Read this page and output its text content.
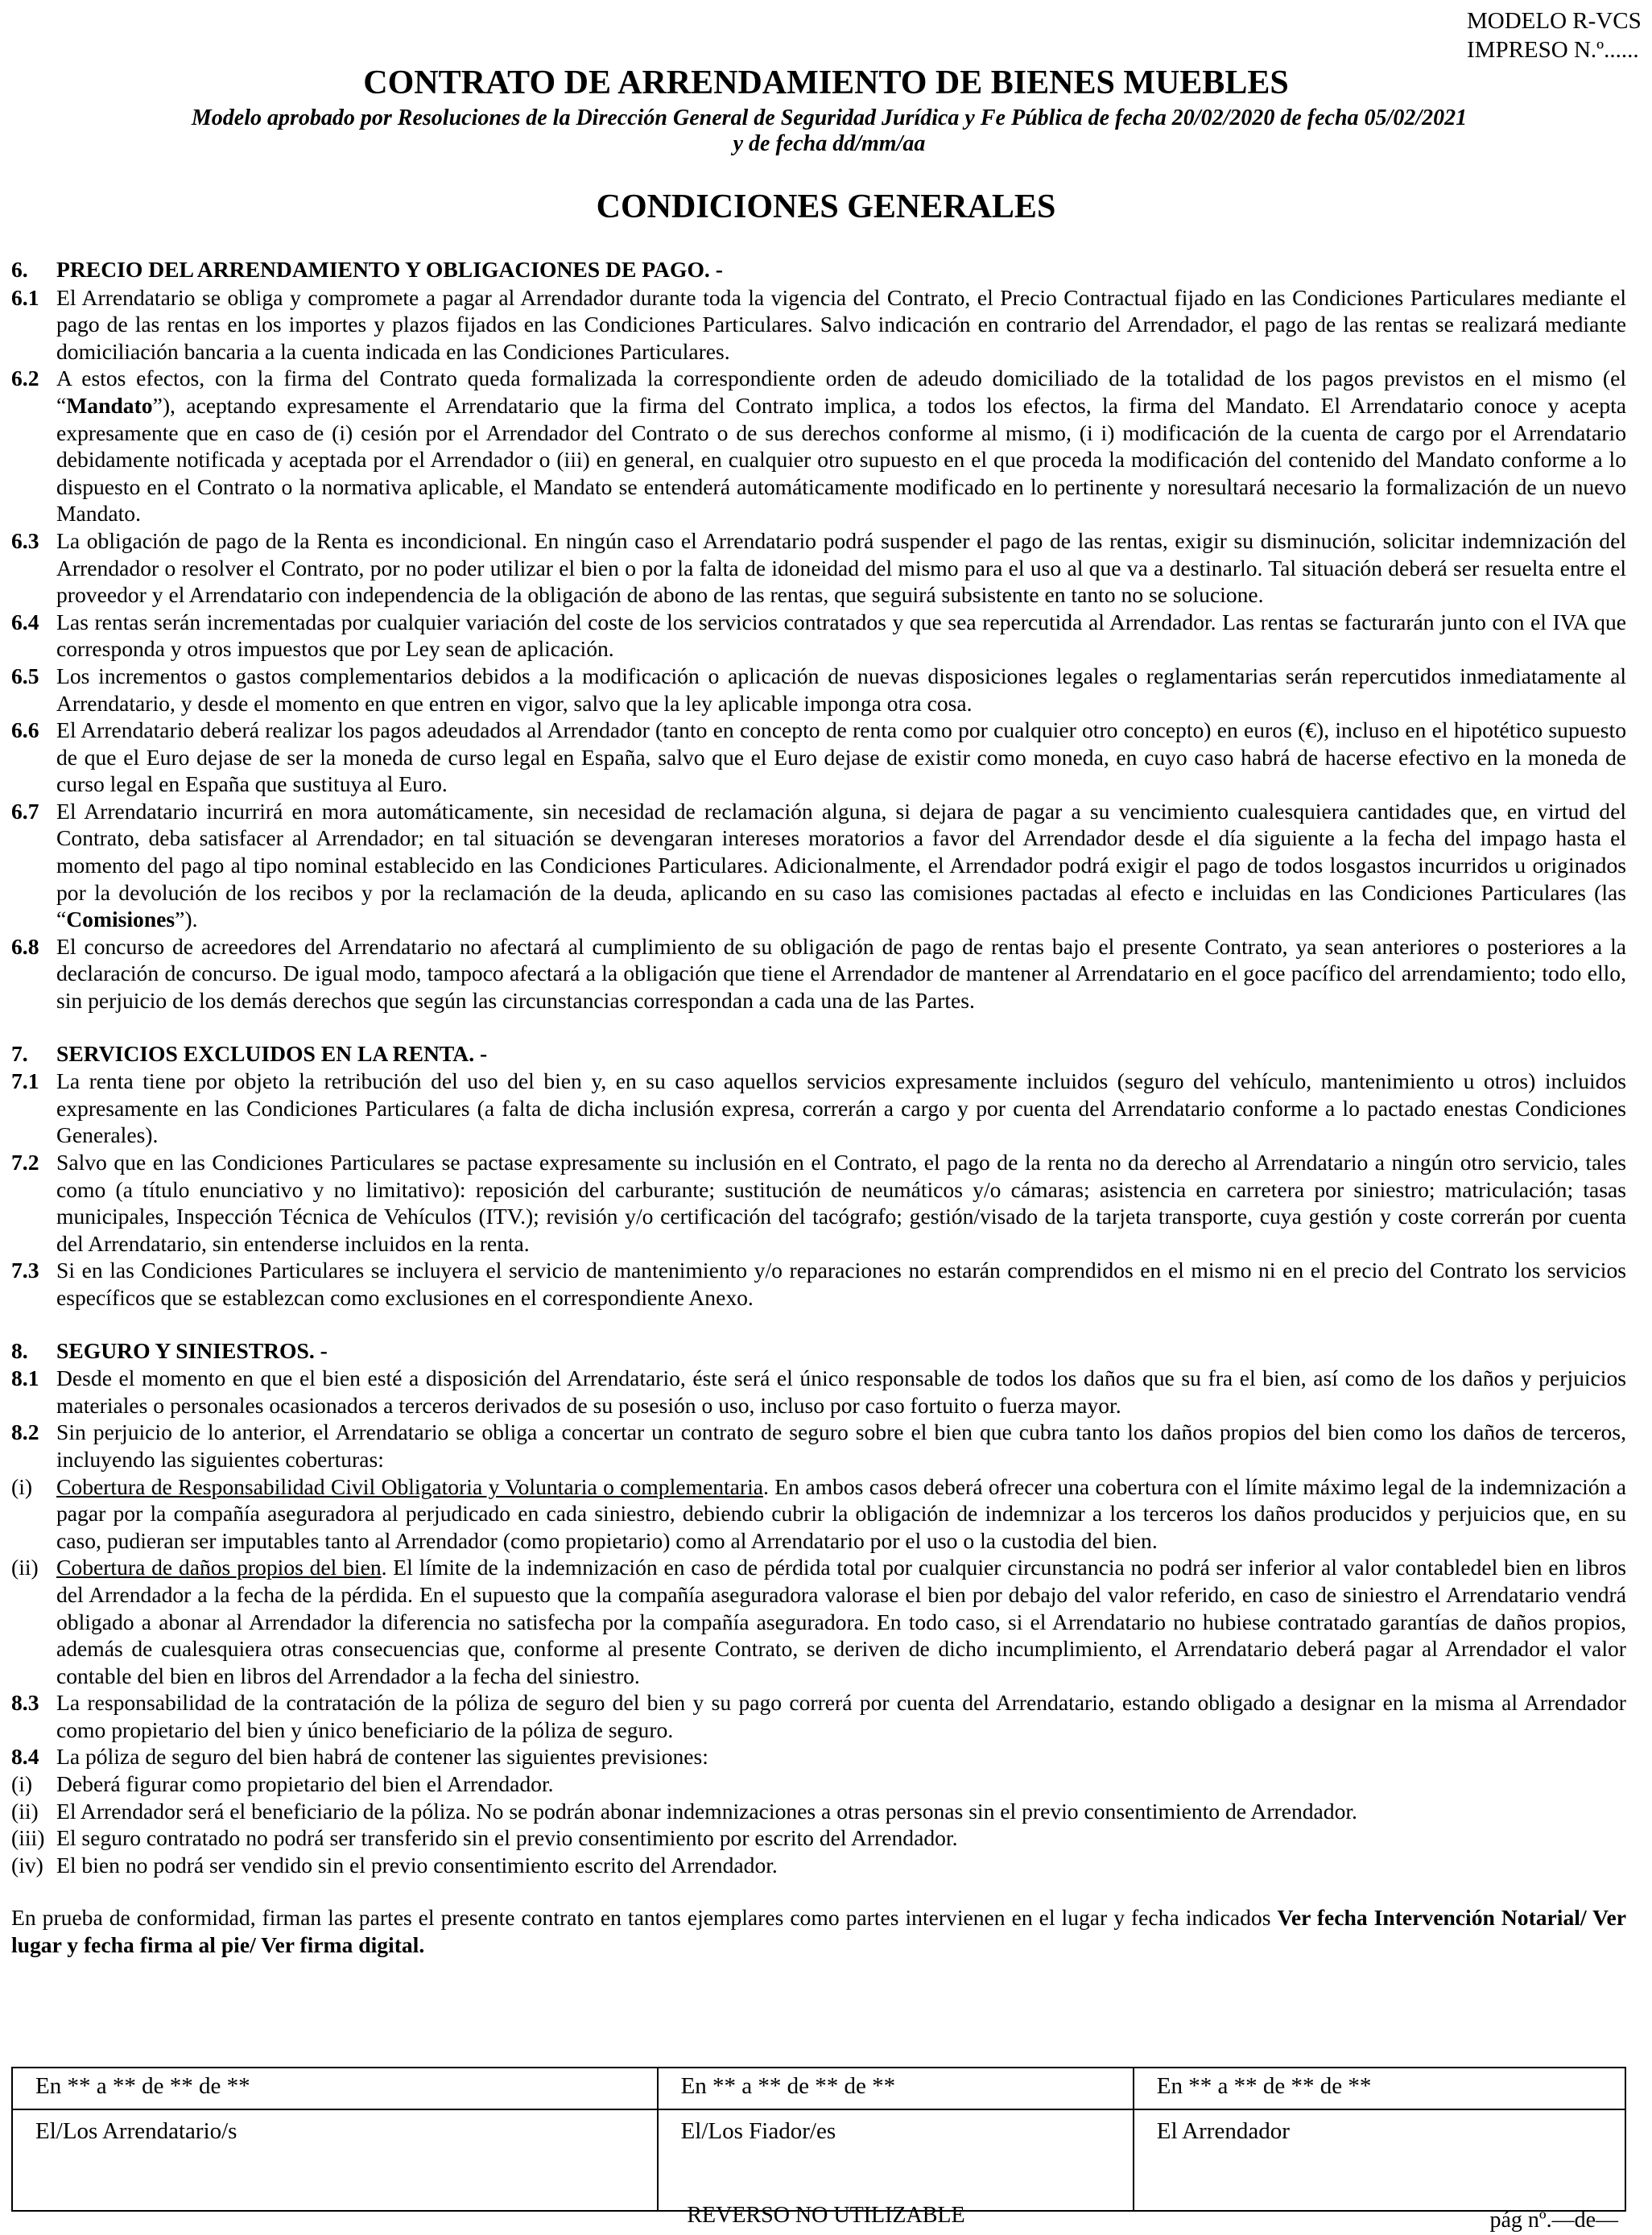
MODELO R-VCS
IMPRESO N.º......
CONTRATO DE ARRENDAMIENTO DE BIENES MUEBLES
Modelo aprobado por Resoluciones de la Dirección General de Seguridad Jurídica y Fe Pública de fecha 20/02/2020 de fecha 05/02/2021 y de fecha dd/mm/aa
CONDICIONES GENERALES
6. PRECIO DEL ARRENDAMIENTO Y OBLIGACIONES DE PAGO. -
6.1 El Arrendatario se obliga y compromete a pagar al Arrendador durante toda la vigencia del Contrato, el Precio Contractual fijado en las Condiciones Particulares mediante el pago de las rentas en los importes y plazos fijados en las Condiciones Particulares. Salvo indicación en contrario del Arrendador, el pago de las rentas se realizará mediante domiciliación bancaria a la cuenta indicada en las Condiciones Particulares.
6.2 A estos efectos, con la firma del Contrato queda formalizada la correspondiente orden de adeudo domiciliado de la totalidad de los pagos previstos en el mismo (el “Mandato”), aceptando expresamente el Arrendatario que la firma del Contrato implica, a todos los efectos, la firma del Mandato. El Arrendatario conoce y acepta expresamente que en caso de (i) cesión por el Arrendador del Contrato o de sus derechos conforme al mismo, (i i) modificación de la cuenta de cargo por el Arrendatario debidamente notificada y aceptada por el Arrendador o (iii) en general, en cualquier otro supuesto en el que proceda la modificación del contenido del Mandato conforme a lo dispuesto en el Contrato o la normativa aplicable, el Mandato se entenderá automáticamente modificado en lo pertinente y noresultará necesario la formalización de un nuevo Mandato.
6.3 La obligación de pago de la Renta es incondicional. En ningún caso el Arrendatario podrá suspender el pago de las rentas, exigir su disminución, solicitar indemnización del Arrendador o resolver el Contrato, por no poder utilizar el bien o por la falta de idoneidad del mismo para el uso al que va a destinarlo. Tal situación deberá ser resuelta entre el proveedor y el Arrendatario con independencia de la obligación de abono de las rentas, que seguirá subsistente en tanto no se solucione.
6.4 Las rentas serán incrementadas por cualquier variación del coste de los servicios contratados y que sea repercutida al Arrendador. Las rentas se facturarán junto con el IVA que corresponda y otros impuestos que por Ley sean de aplicación.
6.5 Los incrementos o gastos complementarios debidos a la modificación o aplicación de nuevas disposiciones legales o reglamentarias serán repercutidos inmediatamente al Arrendatario, y desde el momento en que entren en vigor, salvo que la ley aplicable imponga otra cosa.
6.6 El Arrendatario deberá realizar los pagos adeudados al Arrendador (tanto en concepto de renta como por cualquier otro concepto) en euros (€), incluso en el hipotético supuesto de que el Euro dejase de ser la moneda de curso legal en España, salvo que el Euro dejase de existir como moneda, en cuyo caso habrá de hacerse efectivo en la moneda de curso legal en España que sustituya al Euro.
6.7 El Arrendatario incurrirá en mora automáticamente, sin necesidad de reclamación alguna, si dejara de pagar a su vencimiento cualesquiera cantidades que, en virtud del Contrato, deba satisfacer al Arrendador; en tal situación se devengaran intereses moratorios a favor del Arrendador desde el día siguiente a la fecha del impago hasta el momento del pago al tipo nominal establecido en las Condiciones Particulares. Adicionalmente, el Arrendador podrá exigir el pago de todos losgastos incurridos u originados por la devolución de los recibos y por la reclamación de la deuda, aplicando en su caso las comisiones pactadas al efecto e incluidas en las Condiciones Particulares (las “Comisiones”).
6.8 El concurso de acreedores del Arrendatario no afectará al cumplimiento de su obligación de pago de rentas bajo el presente Contrato, ya sean anteriores o posteriores a la declaración de concurso. De igual modo, tampoco afectará a la obligación que tiene el Arrendador de mantener al Arrendatario en el goce pacífico del arrendamiento; todo ello, sin perjuicio de los demás derechos que según las circunstancias correspondan a cada una de las Partes.
7. SERVICIOS EXCLUIDOS EN LA RENTA. -
7.1 La renta tiene por objeto la retribución del uso del bien y, en su caso aquellos servicios expresamente incluidos (seguro del vehículo, mantenimiento u otros) incluidos expresamente en las Condiciones Particulares (a falta de dicha inclusión expresa, correrán a cargo y por cuenta del Arrendatario conforme a lo pactado enestas Condiciones Generales).
7.2 Salvo que en las Condiciones Particulares se pactase expresamente su inclusión en el Contrato, el pago de la renta no da derecho al Arrendatario a ningún otro servicio, tales como (a título enunciativo y no limitativo): reposición del carburante; sustitución de neumáticos y/o cámaras; asistencia en carretera por siniestro; matriculación; tasas municipales, Inspección Técnica de Vehículos (ITV.); revisión y/o certificación del tacógrafo; gestión/visado de la tarjeta transporte, cuya gestión y coste correrán por cuenta del Arrendatario, sin entenderse incluidos en la renta.
7.3 Si en las Condiciones Particulares se incluyera el servicio de mantenimiento y/o reparaciones no estarán comprendidos en el mismo ni en el precio del Contrato los servicios específicos que se establezcan como exclusiones en el correspondiente Anexo.
8. SEGURO Y SINIESTROS. -
8.1 Desde el momento en que el bien esté a disposición del Arrendatario, éste será el único responsable de todos los daños que su fra el bien, así como de los daños y perjuicios materiales o personales ocasionados a terceros derivados de su posesión o uso, incluso por caso fortuito o fuerza mayor.
8.2 Sin perjuicio de lo anterior, el Arrendatario se obliga a concertar un contrato de seguro sobre el bien que cubra tanto los daños propios del bien como los daños de terceros, incluyendo las siguientes coberturas:
(i)	Cobertura de Responsabilidad Civil Obligatoria y Voluntaria o complementaria. En ambos casos deberá ofrecer una cobertura con el límite máximo legal de la indemnización a pagar por la compañía aseguradora al perjudicado en cada siniestro, debiendo cubrir la obligación de indemnizar a los terceros los daños producidos y perjuicios que, en su caso, pudieran ser imputables tanto al Arrendador (como propietario) como al Arrendatario por el uso o la custodia del bien.
(ii) Cobertura de daños propios del bien. El límite de la indemnización en caso de pérdida total por cualquier circunstancia no podrá ser inferior al valor contabledel bien en libros del Arrendador a la fecha de la pérdida. En el supuesto que la compañía aseguradora valorase el bien por debajo del valor referido, en caso de siniestro el Arrendatario vendrá obligado a abonar al Arrendador la diferencia no satisfecha por la compañía aseguradora. En todo caso, si el Arrendatario no hubiese contratado garantías de daños propios, además de cualesquiera otras consecuencias que, conforme al presente Contrato, se deriven de dicho incumplimiento, el Arrendatario deberá pagar al Arrendador el valor contable del bien en libros del Arrendador a la fecha del siniestro.
8.3 La responsabilidad de la contratación de la póliza de seguro del bien y su pago correrá por cuenta del Arrendatario, estando obligado a designar en la misma al Arrendador como propietario del bien y único beneficiario de la póliza de seguro.
8.4 La póliza de seguro del bien habrá de contener las siguientes previsiones:
(i)	Deberá figurar como propietario del bien el Arrendador.
(ii) El Arrendador será el beneficiario de la póliza. No se podrán abonar indemnizaciones a otras personas sin el previo consentimiento de Arrendador.
(iii) El seguro contratado no podrá ser transferido sin el previo consentimiento por escrito del Arrendador.
(iv) El bien no podrá ser vendido sin el previo consentimiento escrito del Arrendador.
En prueba de conformidad, firman las partes el presente contrato en tantos ejemplares como partes intervienen en el lugar y fecha indicados Ver fecha Intervención Notarial/ Ver lugar y fecha firma al pie/ Ver firma digital.
En ** a ** de ** de **	En ** a ** de ** de **	En ** a ** de ** de **
El/Los Arrendatario/s	El/Los Fiador/es	El Arrendador
REVERSO NO UTILIZABLE	pág nº.—de—
